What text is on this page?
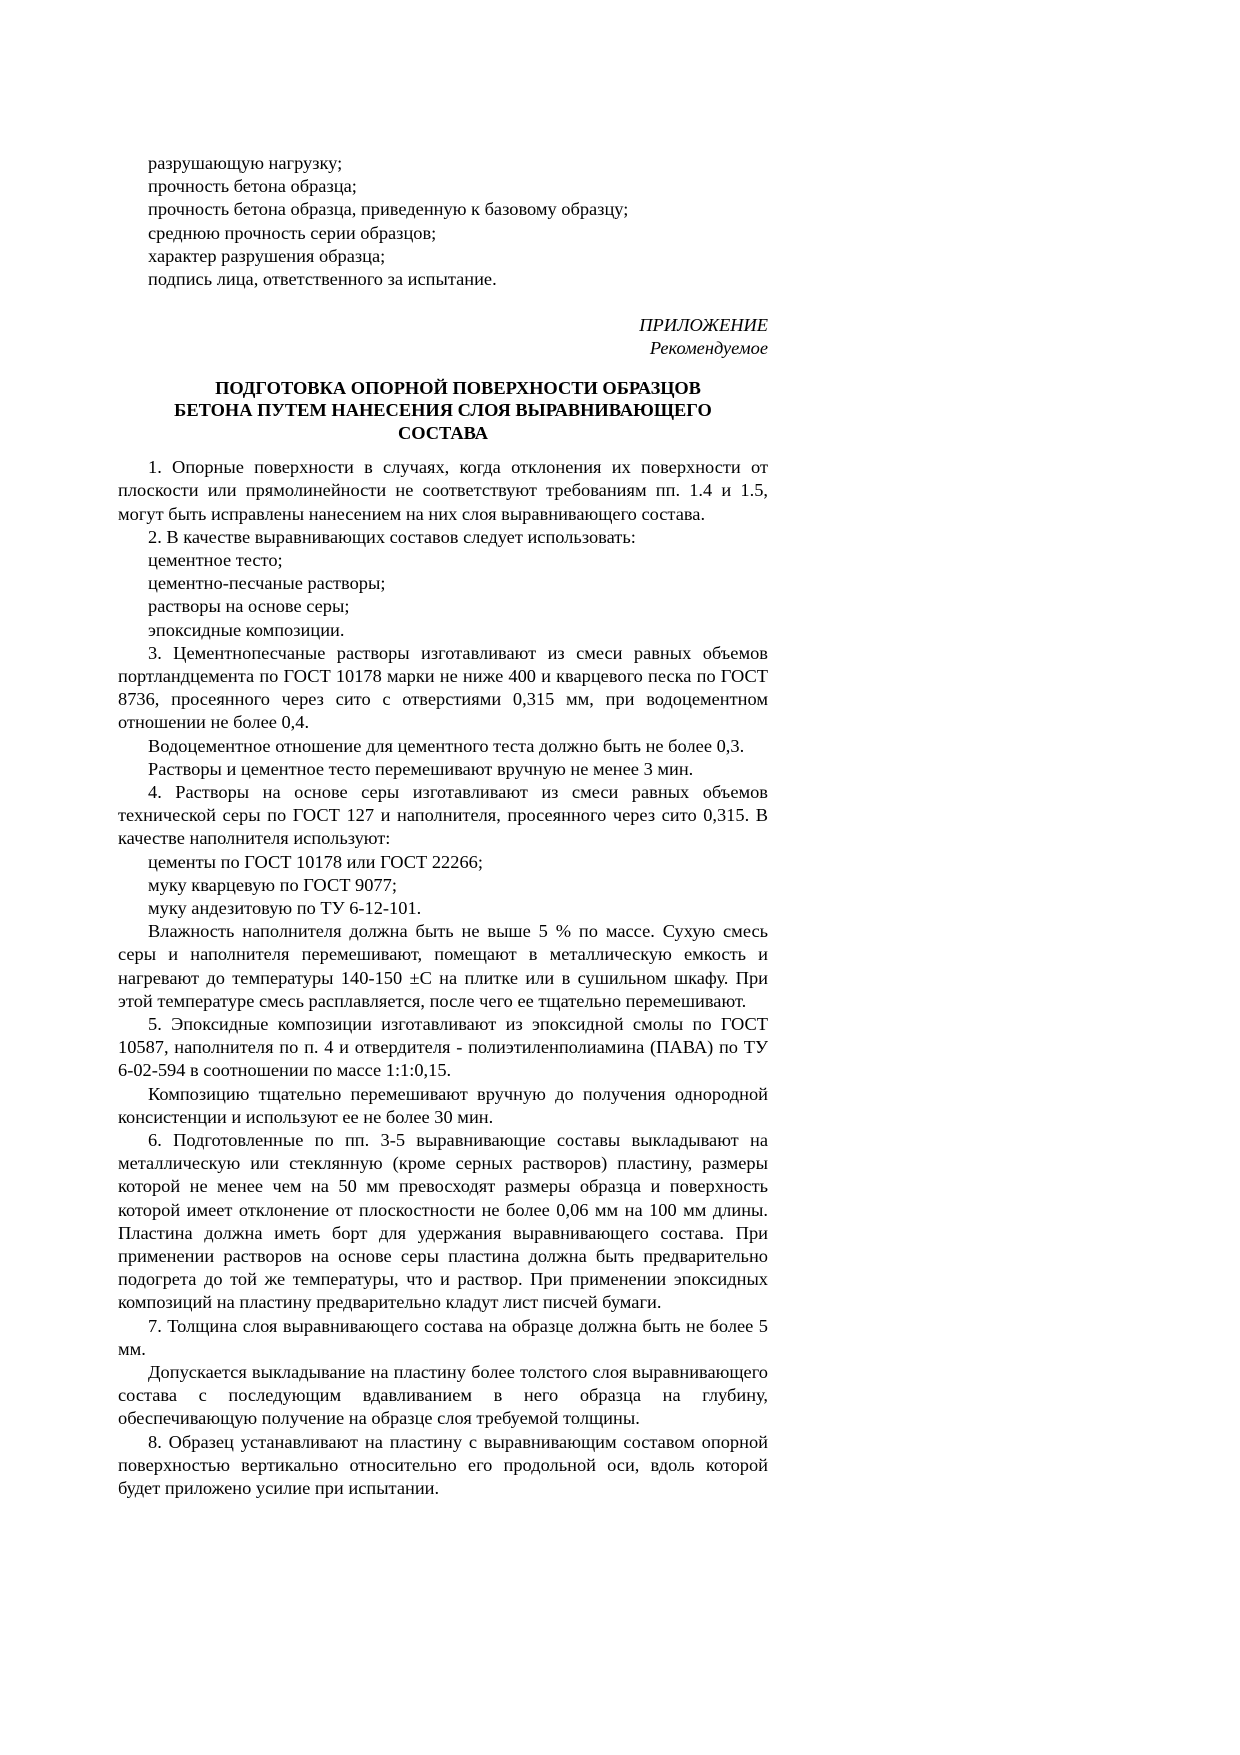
разрушающую нагрузку;

прочность бетона образца;

прочность бетона образца, приведенную к базовому образцу;

среднюю прочность серии образцов;

характер разрушения образца;

подпись лица, ответственного за испытание.

ПРИЛОЖЕНИЕ

Рекомендуемое

ПОДГОТОВКА ОПОРНОЙ ПОВЕРХНОСТИ ОБРАЗЦОВ
БЕТОНА ПУТЕМ НАНЕСЕНИЯ СЛОЯ ВЫРАВНИВАЮЩЕГО
СОСТАВА

1. Опорные поверхности в случаях, когда отклонения их поверхности от плоскости или прямолинейности не соответствуют требованиям пп. 1.4 и 1.5, могут быть исправлены нанесением на них слоя выравнивающего состава.

2. В качестве выравнивающих составов следует использовать:

цементное тесто;

цементно-песчаные растворы;

растворы на основе серы;

эпоксидные композиции.

3. Цементнопесчаные растворы изготавливают из смеси равных объемов портландцемента по ГОСТ 10178 марки не ниже 400 и кварцевого песка по ГОСТ 8736, просеянного через сито с отверстиями 0,315 мм, при водоцементном отношении не более 0,4.

Водоцементное отношение для цементного теста должно быть не более 0,3.

Растворы и цементное тесто перемешивают вручную не менее 3 мин.

4. Растворы на основе серы изготавливают из смеси равных объемов технической серы по ГОСТ 127 и наполнителя, просеянного через сито 0,315. В качестве наполнителя используют:

цементы по ГОСТ 10178 или ГОСТ 22266;

муку кварцевую по ГОСТ 9077;

муку андезитовую по ТУ 6-12-101.

Влажность наполнителя должна быть не выше 5 % по массе. Сухую смесь серы и наполнителя перемешивают, помещают в металлическую емкость и нагревают до температуры 140-150 ±С на плитке или в сушильном шкафу. При этой температуре смесь расплавляется, после чего ее тщательно перемешивают.

5. Эпоксидные композиции изготавливают из эпоксидной смолы по ГОСТ 10587, наполнителя по п. 4 и отвердителя - полиэтиленполиамина (ПАВА) по ТУ 6-02-594 в соотношении по массе 1:1:0,15.

Композицию тщательно перемешивают вручную до получения однородной консистенции и используют ее не более 30 мин.

6. Подготовленные по пп. 3-5 выравнивающие составы выкладывают на металлическую или стеклянную (кроме серных растворов) пластину, размеры которой не менее чем на 50 мм превосходят размеры образца и поверхность которой имеет отклонение от плоскостности не более 0,06 мм на 100 мм длины. Пластина должна иметь борт для удержания выравнивающего состава. При применении растворов на основе серы пластина должна быть предварительно подогрета до той же температуры, что и раствор. При применении эпоксидных композиций на пластину предварительно кладут лист писчей бумаги.

7. Толщина слоя выравнивающего состава на образце должна быть не более 5 мм.

Допускается выкладывание на пластину более толстого слоя выравнивающего состава с последующим вдавливанием в него образца на глубину, обеспечивающую получение на образце слоя требуемой толщины.

8. Образец устанавливают на пластину с выравнивающим составом опорной поверхностью вертикально относительно его продольной оси, вдоль которой будет приложено усилие при испытании.
